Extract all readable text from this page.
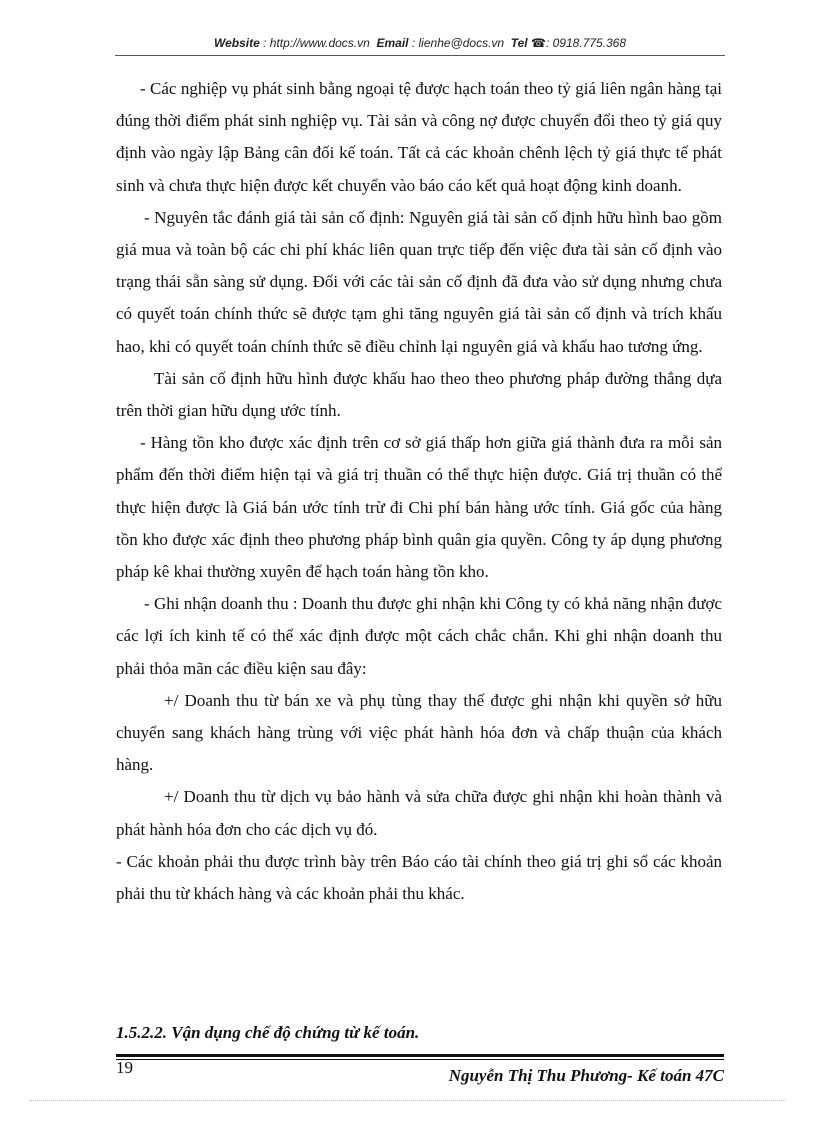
Website : http://www.docs.vn Email : lienhe@docs.vn Tel ☎: 0918.775.368

- Các nghiệp vụ phát sinh bằng ngoại tệ được hạch toán theo tỷ giá liên ngân hàng tại đúng thời điểm phát sinh nghiệp vụ. Tài sản và công nợ được chuyển đổi theo tỷ giá quy định vào ngày lập Bảng cân đối kế toán. Tất cả các khoản chênh lệch tỷ giá thực tế phát sinh và chưa thực hiện được kết chuyển vào báo cáo kết quả hoạt động kinh doanh.

- Nguyên tắc đánh giá tài sản cố định: Nguyên giá tài sản cố định hữu hình bao gồm giá mua và toàn bộ các chi phí khác liên quan trực tiếp đến việc đưa tài sản cố định vào trạng thái sẵn sàng sử dụng. Đối với các tài sản cố định đã đưa vào sử dụng nhưng chưa có quyết toán chính thức sẽ được tạm ghi tăng nguyên giá tài sản cố định và trích khấu hao, khi có quyết toán chính thức sẽ điều chỉnh lại nguyên giá và khấu hao tương ứng.

Tài sản cố định hữu hình được khấu hao theo theo phương pháp đường thẳng dựa trên thời gian hữu dụng ước tính.

- Hàng tồn kho được xác định trên cơ sở giá thấp hơn giữa giá thành đưa ra mỗi sản phẩm đến thời điểm hiện tại và giá trị thuần có thể thực hiện được. Giá trị thuần có thể thực hiện được là Giá bán ước tính trừ đi Chi phí bán hàng ước tính. Giá gốc của hàng tồn kho được xác định theo phương pháp bình quân gia quyền. Công ty áp dụng phương pháp kê khai thường xuyên để hạch toán hàng tồn kho.

- Ghi nhận doanh thu : Doanh thu được ghi nhận khi Công ty có khả năng nhận được các lợi ích kinh tế có thể xác định được một cách chắc chắn. Khi ghi nhận doanh thu phải thỏa mãn các điều kiện sau đây:

+/ Doanh thu từ bán xe và phụ tùng thay thế được ghi nhận khi quyền sở hữu chuyển sang khách hàng trùng với việc phát hành hóa đơn và chấp thuận của khách hàng.

+/ Doanh thu từ dịch vụ bảo hành và sửa chữa được ghi nhận khi hoàn thành và phát hành hóa đơn cho các dịch vụ đó.

- Các khoản phải thu được trình bày trên Báo cáo tài chính theo giá trị ghi sổ các khoản phải thu từ khách hàng và các khoản phải thu khác.

1.5.2.2. Vận dụng chế độ chứng từ kế toán.
19	Nguyễn Thị Thu Phương- Kế toán 47C
